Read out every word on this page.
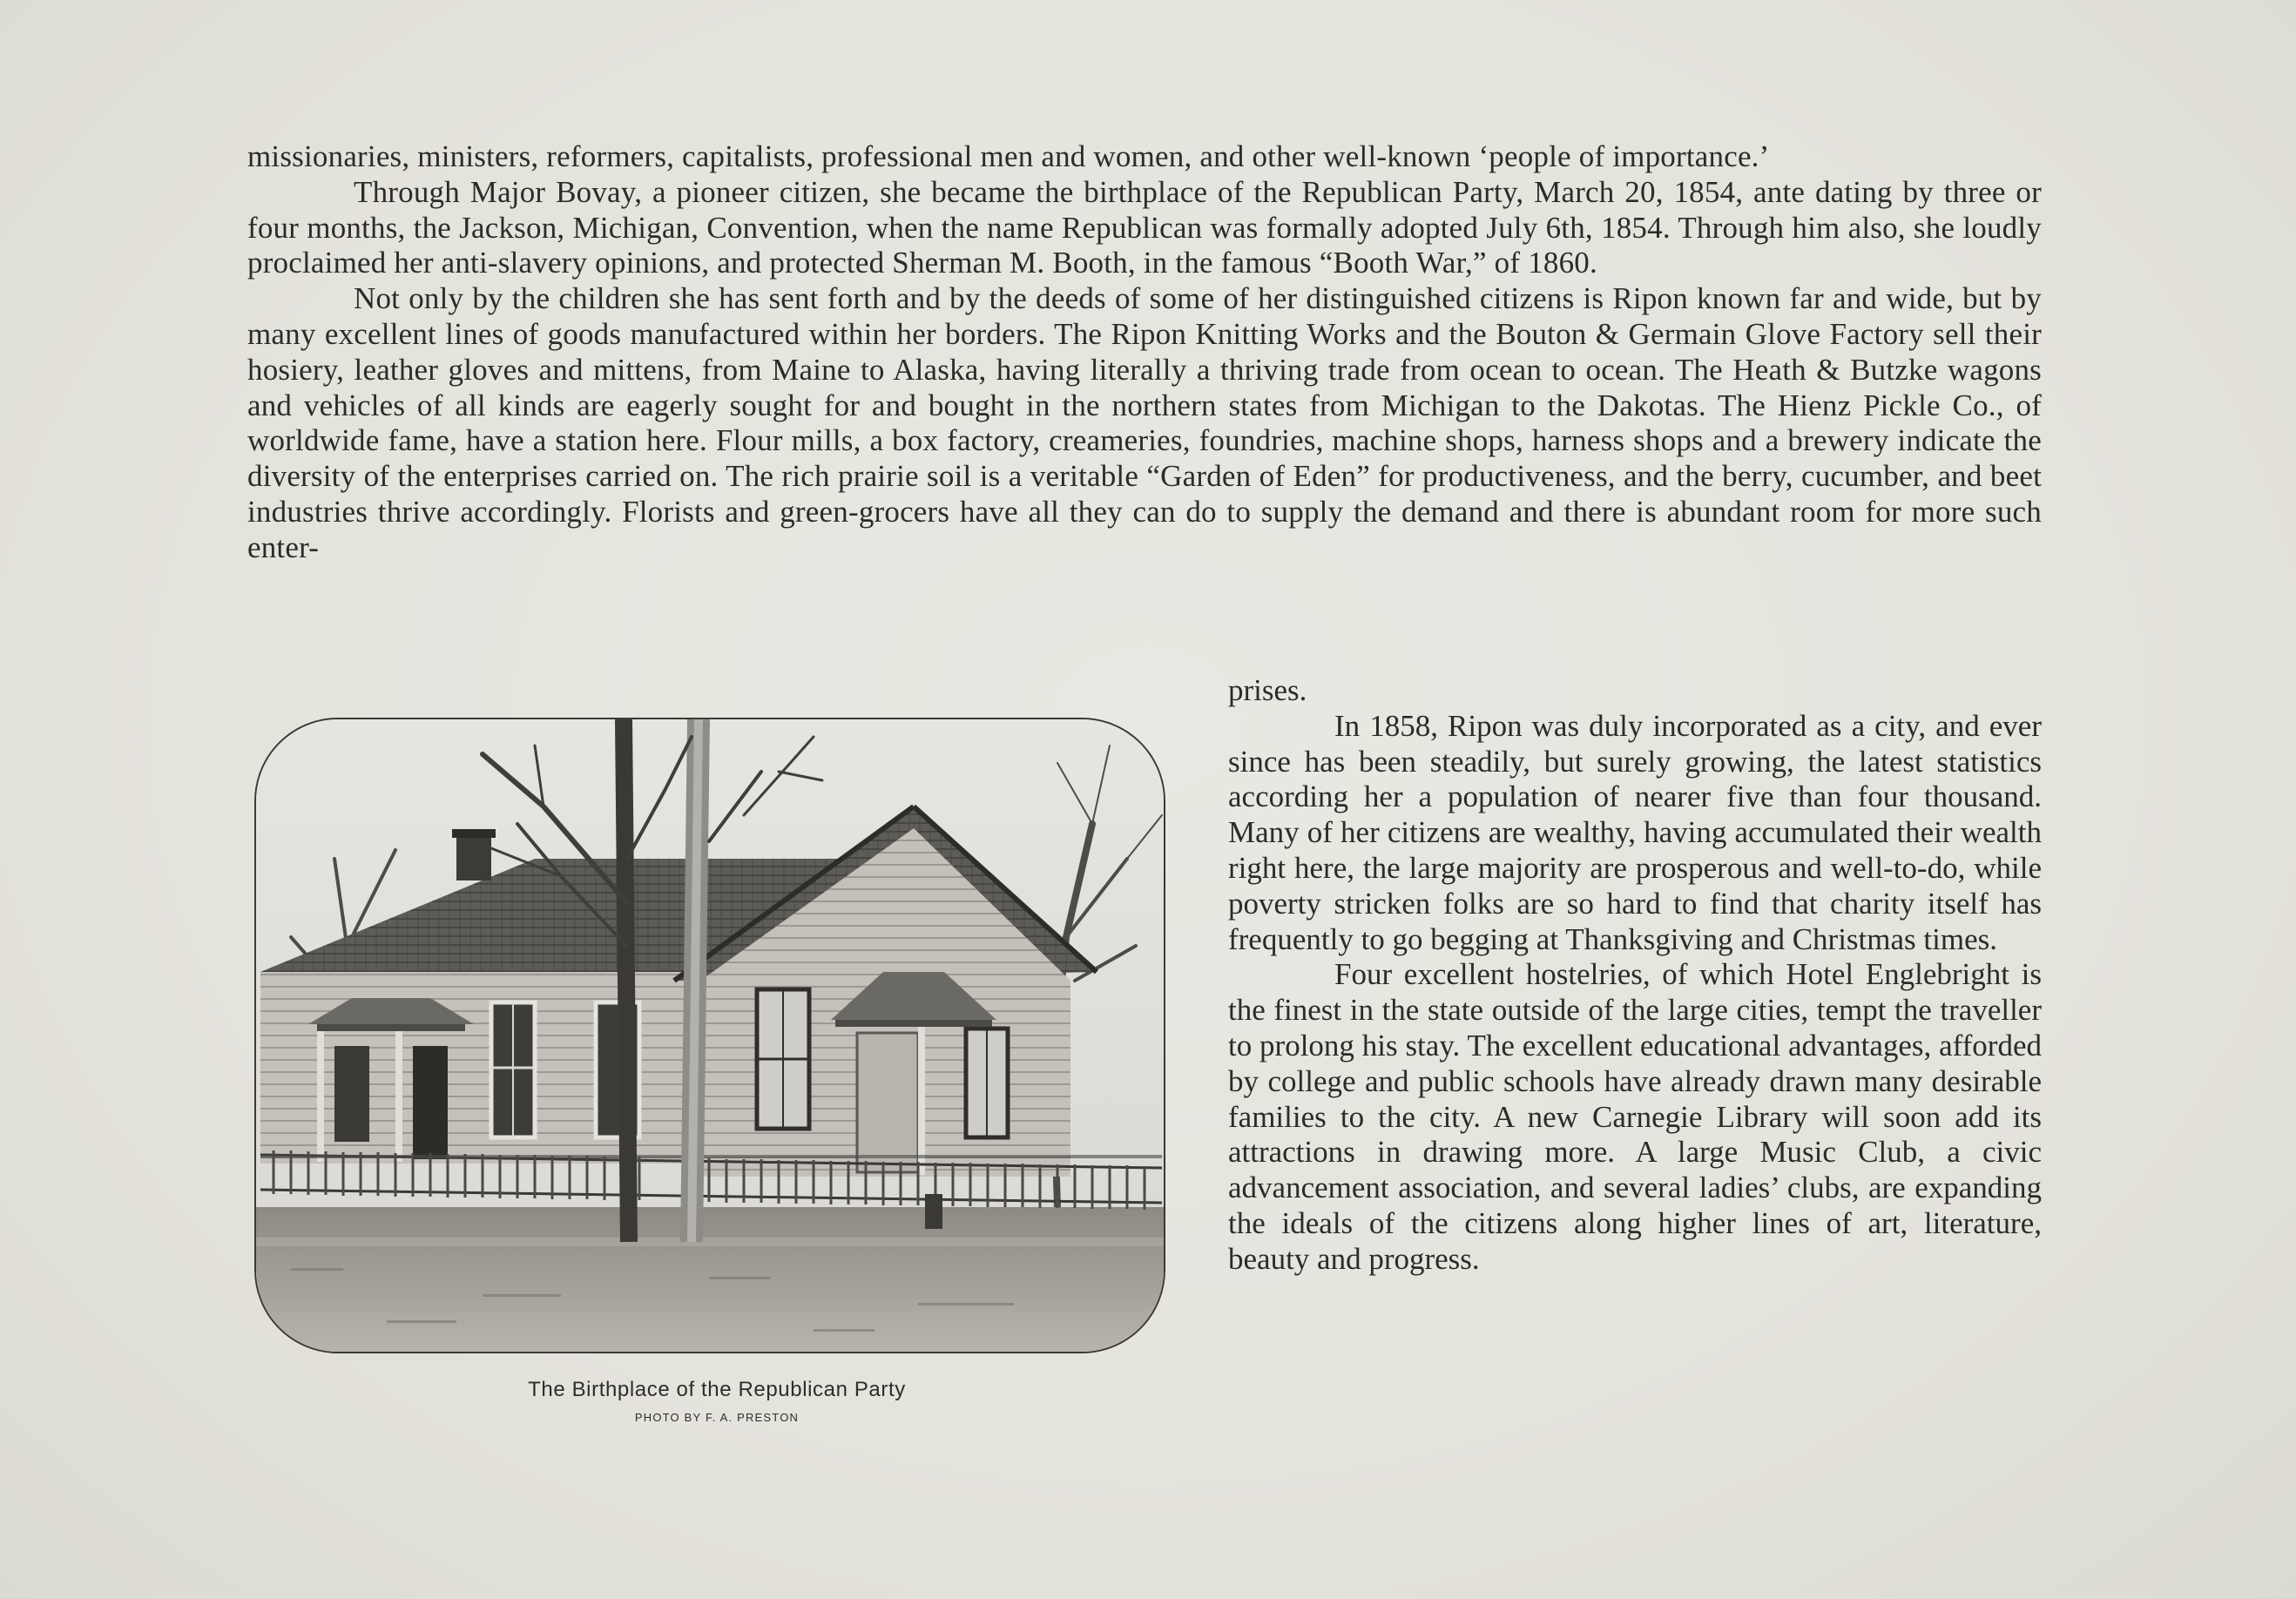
missionaries, ministers, reformers, capitalists, professional men and women, and other well-known ‘people of importance.’

Through Major Bovay, a pioneer citizen, she became the birthplace of the Republican Party, March 20, 1854, ante dating by three or four months, the Jackson, Michigan, Convention, when the name Republican was formally adopted July 6th, 1854. Through him also, she loudly proclaimed her anti-slavery opinions, and protected Sherman M. Booth, in the famous “Booth War,” of 1860.

Not only by the children she has sent forth and by the deeds of some of her distinguished citizens is Ripon known far and wide, but by many excellent lines of goods manufactured within her borders. The Ripon Knitting Works and the Bouton & Germain Glove Factory sell their hosiery, leather gloves and mittens, from Maine to Alaska, having literally a thriving trade from ocean to ocean. The Heath & Butzke wagons and vehicles of all kinds are eagerly sought for and bought in the northern states from Michigan to the Dakotas. The Hienz Pickle Co., of worldwide fame, have a station here. Flour mills, a box factory, creameries, foundries, machine shops, harness shops and a brewery indicate the diversity of the enterprises carried on. The rich prairie soil is a veritable “Garden of Eden” for productiveness, and the berry, cucumber, and beet industries thrive accordingly. Florists and green-grocers have all they can do to supply the demand and there is abundant room for more such enter-

The Birthplace of the Republican Party
PHOTO BY F. A. PRESTON

prises.

In 1858, Ripon was duly incorporated as a city, and ever since has been steadily, but surely growing, the latest statistics according her a population of nearer five than four thousand. Many of her citizens are wealthy, having accumulated their wealth right here, the large majority are prosperous and well-to-do, while poverty stricken folks are so hard to find that charity itself has frequently to go begging at Thanksgiving and Christmas times.

Four excellent hostelries, of which Hotel Englebright is the finest in the state outside of the large cities, tempt the traveller to prolong his stay. The excellent educational advantages, afforded by college and public schools have already drawn many desirable families to the city. A new Carnegie Library will soon add its attractions in drawing more. A large Music Club, a civic advancement association, and several ladies’ clubs, are expanding the ideals of the citizens along higher lines of art, literature, beauty and progress.
